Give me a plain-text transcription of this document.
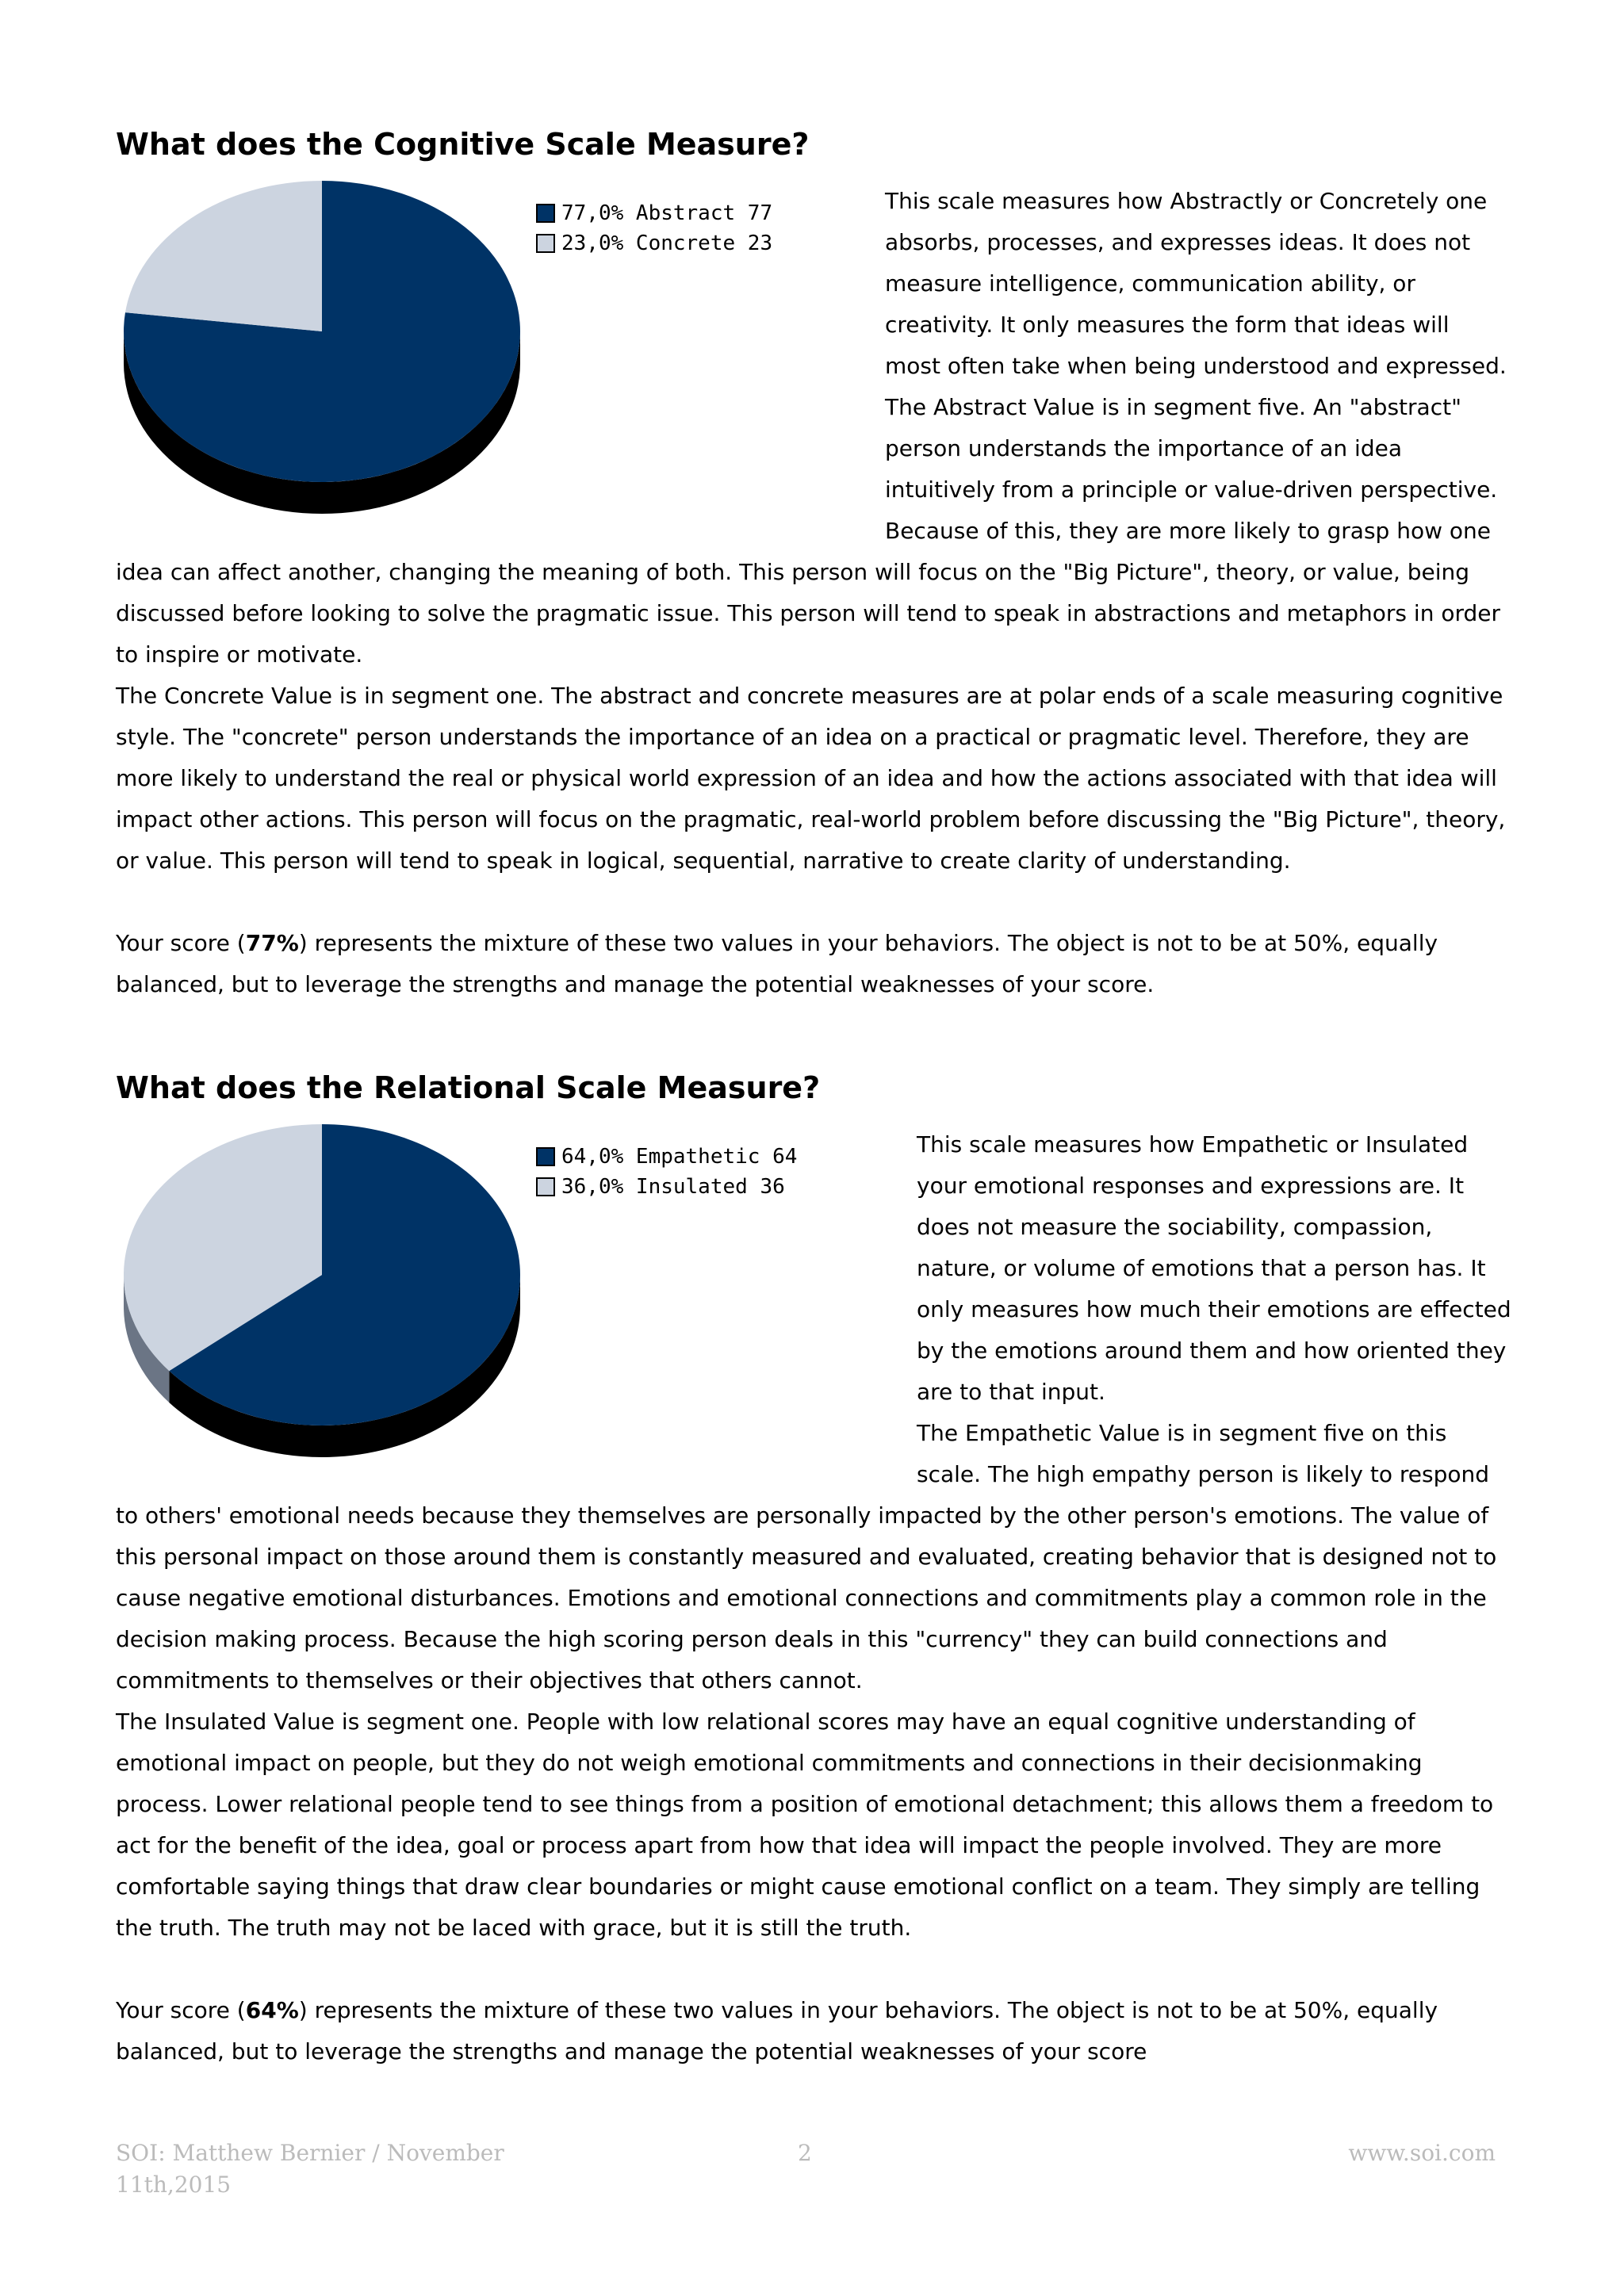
What does the Cognitive Scale Measure?
77,0% Abstract 77
23,0% Concrete 23

This scale measures how Abstractly or Concretely one absorbs, processes, and expresses ideas. It does not measure intelligence, communication ability, or creativity. It only measures the form that ideas will most often take when being understood and expressed.

The Abstract Value is in segment five. An "abstract" person understands the importance of an idea intuitively from a principle or value-driven perspective. Because of this, they are more likely to grasp how one idea can affect another, changing the meaning of both. This person will focus on the "Big Picture", theory, or value, being discussed before looking to solve the pragmatic issue. This person will tend to speak in abstractions and metaphors in order to inspire or motivate.

The Concrete Value is in segment one. The abstract and concrete measures are at polar ends of a scale measuring cognitive style. The "concrete" person understands the importance of an idea on a practical or pragmatic level. Therefore, they are more likely to understand the real or physical world expression of an idea and how the actions associated with that idea will impact other actions. This person will focus on the pragmatic, real-world problem before discussing the "Big Picture", theory, or value. This person will tend to speak in logical, sequential, narrative to create clarity of understanding.

Your score (77%) represents the mixture of these two values in your behaviors. The object is not to be at 50%, equally balanced, but to leverage the strengths and manage the potential weaknesses of your score.

What does the Relational Scale Measure?
64,0% Empathetic 64
36,0% Insulated 36

This scale measures how Empathetic or Insulated your emotional responses and expressions are. It does not measure the sociability, compassion, nature, or volume of emotions that a person has. It only measures how much their emotions are effected by the emotions around them and how oriented they are to that input.

The Empathetic Value is in segment five on this scale. The high empathy person is likely to respond to others' emotional needs because they themselves are personally impacted by the other person's emotions. The value of this personal impact on those around them is constantly measured and evaluated, creating behavior that is designed not to cause negative emotional disturbances. Emotions and emotional connections and commitments play a common role in the decision making process. Because the high scoring person deals in this "currency" they can build connections and commitments to themselves or their objectives that others cannot.

The Insulated Value is segment one. People with low relational scores may have an equal cognitive understanding of emotional impact on people, but they do not weigh emotional commitments and connections in their decisionmaking process. Lower relational people tend to see things from a position of emotional detachment; this allows them a freedom to act for the benefit of the idea, goal or process apart from how that idea will impact the people involved. They are more comfortable saying things that draw clear boundaries or might cause emotional conflict on a team. They simply are telling the truth. The truth may not be laced with grace, but it is still the truth.

Your score (64%) represents the mixture of these two values in your behaviors. The object is not to be at 50%, equally balanced, but to leverage the strengths and manage the potential weaknesses of your score

SOI: Matthew Bernier / November 11th,2015
2	www.soi.com
